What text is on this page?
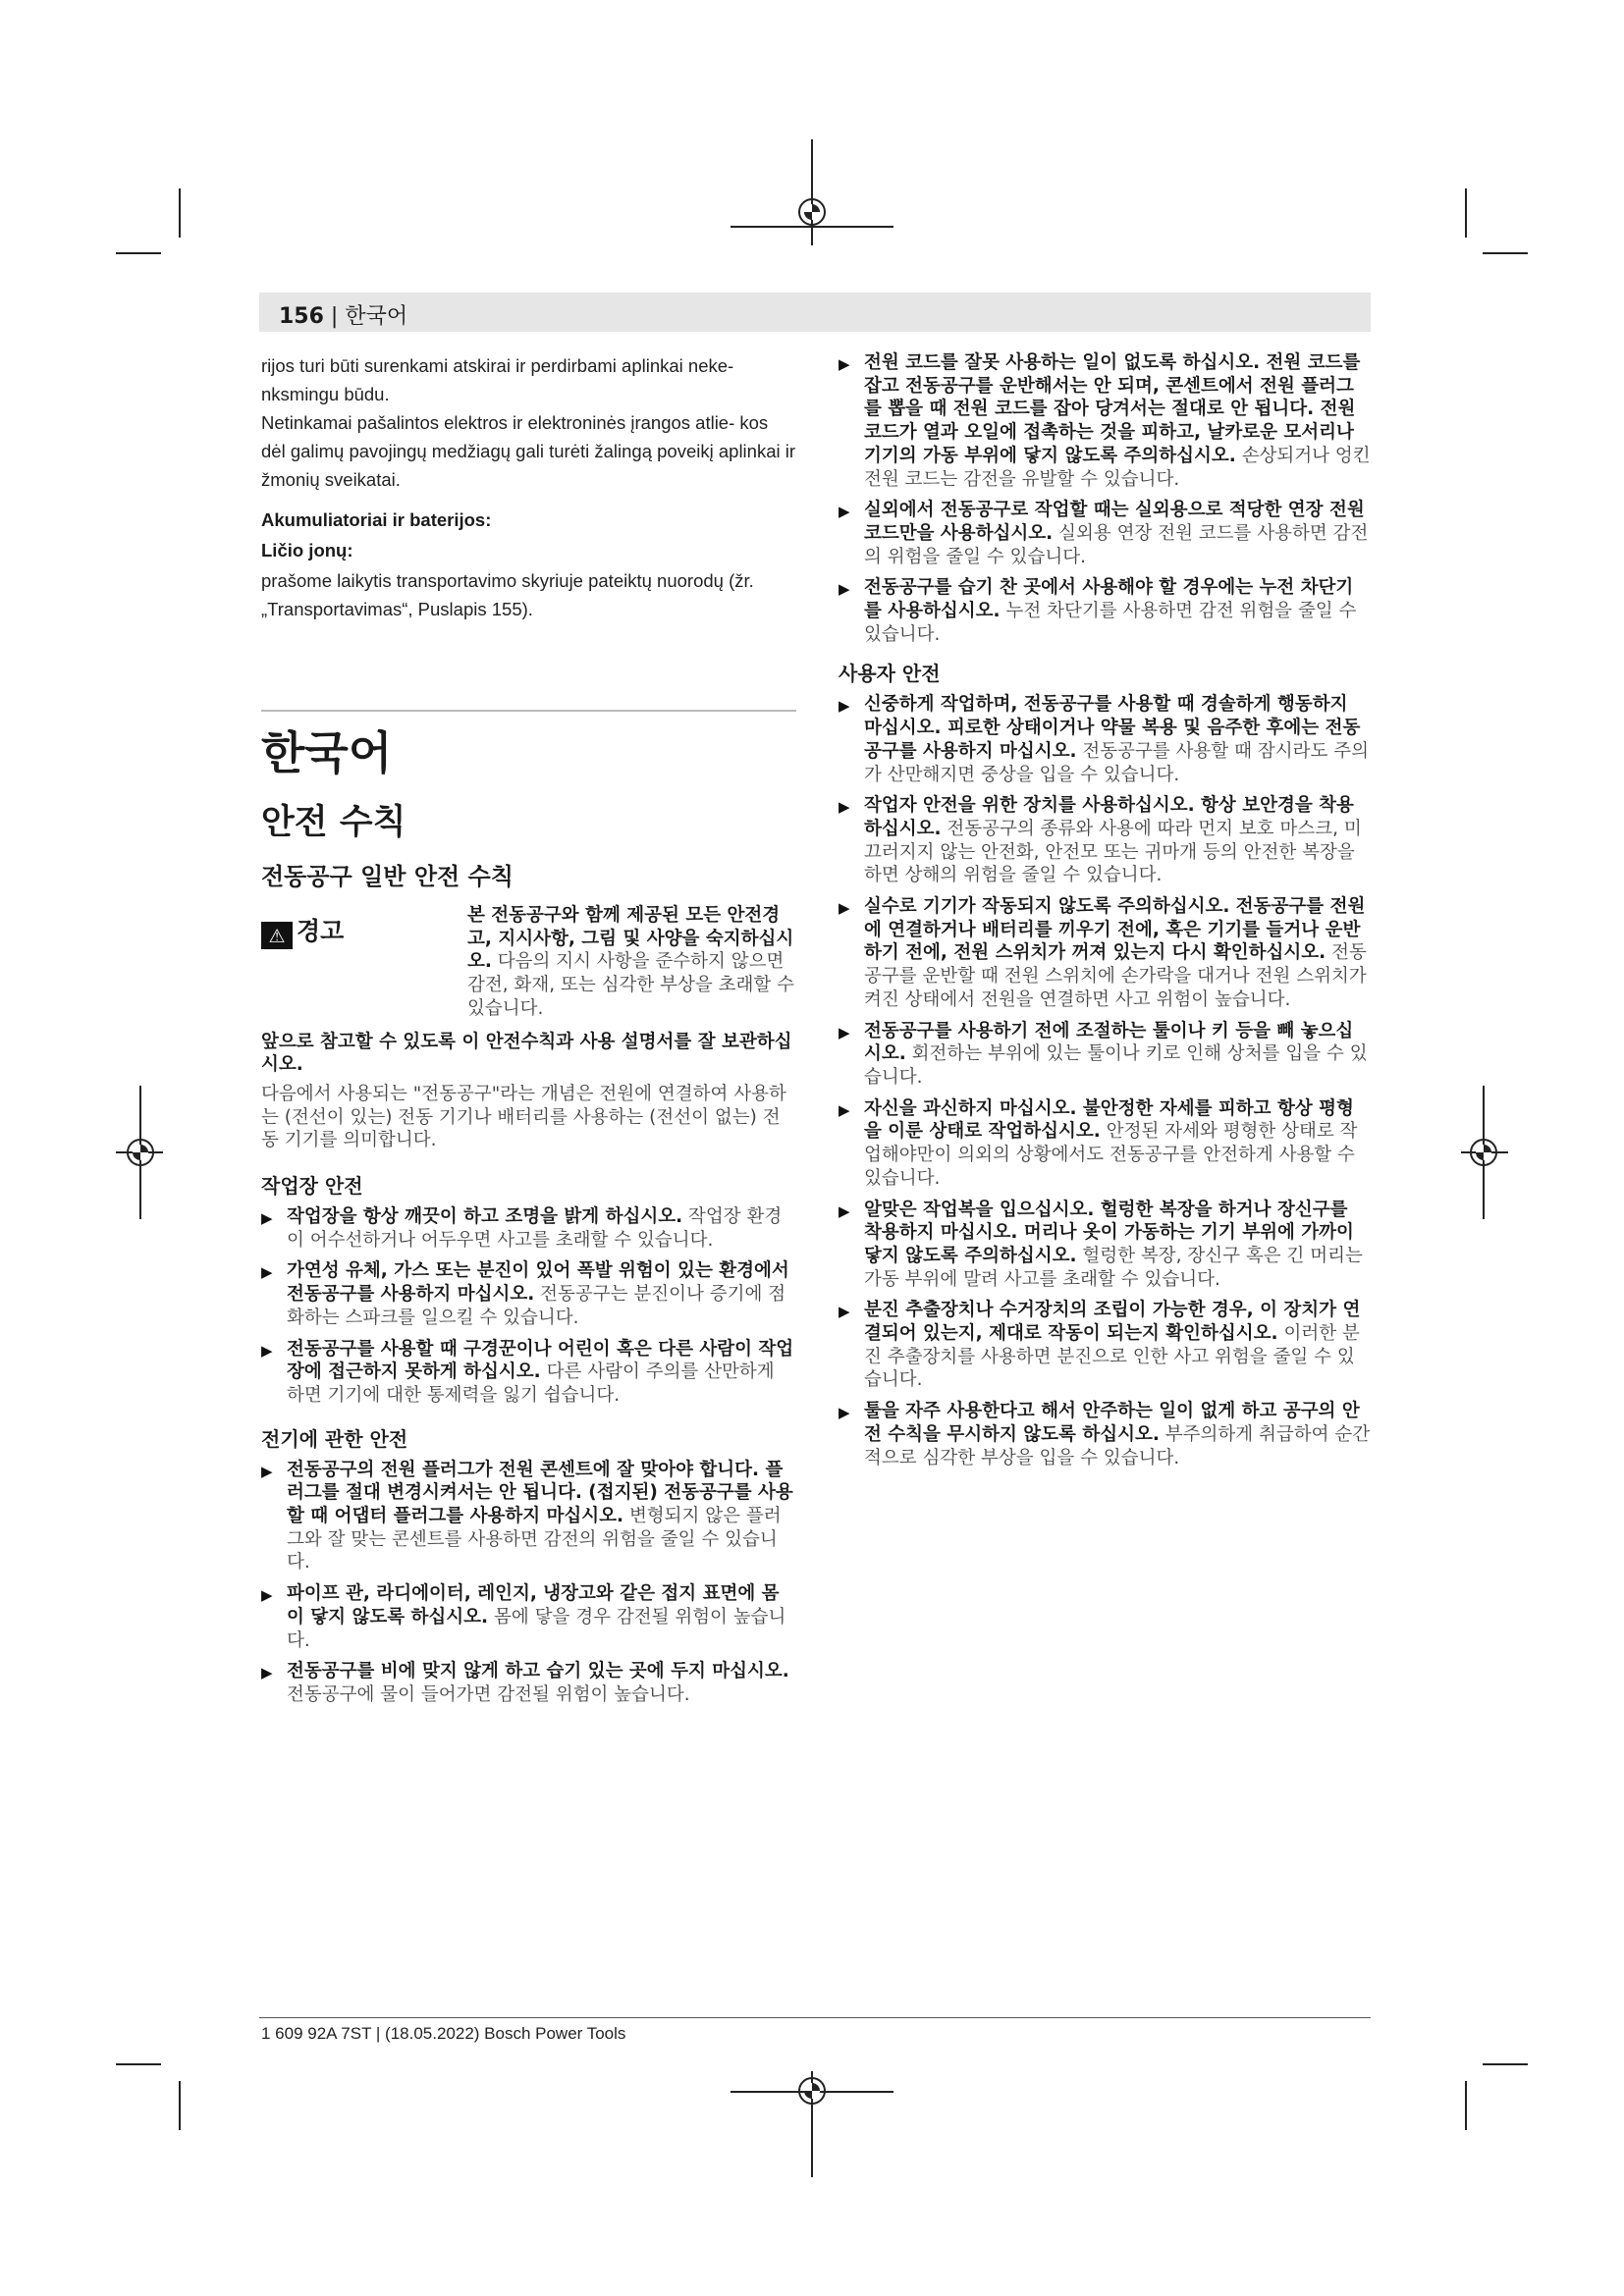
156 | 한국어

rijos turi būti surenkami atskirai ir perdirbami aplinkai neke- nksmingu būdu.

Netinkamai pašalintos elektros ir elektroninės įrangos atlie- kos dėl galimų pavojingų medžiagų gali turėti žalingą poveikį aplinkai ir žmonių sveikatai.

Akumuliatoriai ir baterijos:

Ličio jonų:

prašome laikytis transportavimo skyriuje pateiktų nuorodų (žr. „Transportavimas“, Puslapis 155).

한국어

안전 수칙

전동공구 일반 안전 수칙

⚠ 경고

본 전동공구와 함께 제공된 모든 안전경고, 지시사항, 그림 및 사양을 숙지하십시오. 다음의 지시 사항을 준수하지 않으면 감전, 화재, 또는 심각한 부상을 초래할 수 있습니다.

앞으로 참고할 수 있도록 이 안전수칙과 사용 설명서를 잘 보관하십시오.

다음에서 사용되는 "전동공구"라는 개념은 전원에 연결하여 사용하는 (전선이 있는) 전동 기기나 배터리를 사용하는 (전선이 없는) 전동 기기를 의미합니다.

작업장 안전

▶ 작업장을 항상 깨끗이 하고 조명을 밝게 하십시오. 작업장 환경이 어수선하거나 어두우면 사고를 초래할 수 있습니다.
▶ 가연성 유체, 가스 또는 분진이 있어 폭발 위험이 있는 환경에서 전동공구를 사용하지 마십시오. 전동공구는 분진이나 증기에 점화하는 스파크를 일으킬 수 있습니다.
▶ 전동공구를 사용할 때 구경꾼이나 어린이 혹은 다른 사람이 작업장에 접근하지 못하게 하십시오. 다른 사람이 주의를 산만하게 하면 기기에 대한 통제력을 잃기 쉽습니다.

전기에 관한 안전

▶ 전동공구의 전원 플러그가 전원 콘센트에 잘 맞아야 합니다. 플러그를 절대 변경시켜서는 안 됩니다. (접지된) 전동공구를 사용할 때 어댑터 플러그를 사용하지 마십시오. 변형되지 않은 플러그와 잘 맞는 콘센트를 사용하면 감전의 위험을 줄일 수 있습니다.
▶ 파이프 관, 라디에이터, 레인지, 냉장고와 같은 접지 표면에 몸이 닿지 않도록 하십시오. 몸에 닿을 경우 감전될 위험이 높습니다.
▶ 전동공구를 비에 맞지 않게 하고 습기 있는 곳에 두지 마십시오. 전동공구에 물이 들어가면 감전될 위험이 높습니다.
▶ 전원 코드를 잘못 사용하는 일이 없도록 하십시오. 전원 코드를 잡고 전동공구를 운반해서는 안 되며, 콘센트에서 전원 플러그를 뽑을 때 전원 코드를 잡아 당겨서는 절대로 안 됩니다. 전원 코드가 열과 오일에 접촉하는 것을 피하고, 날카로운 모서리나 기기의 가동 부위에 닿지 않도록 주의하십시오. 손상되거나 엉킨 전원 코드는 감전을 유발할 수 있습니다.
▶ 실외에서 전동공구로 작업할 때는 실외용으로 적당한 연장 전원 코드만을 사용하십시오. 실외용 연장 전원 코드를 사용하면 감전의 위험을 줄일 수 있습니다.
▶ 전동공구를 습기 찬 곳에서 사용해야 할 경우에는 누전 차단기를 사용하십시오. 누전 차단기를 사용하면 감전 위험을 줄일 수 있습니다.

사용자 안전

▶ 신중하게 작업하며, 전동공구를 사용할 때 경솔하게 행동하지 마십시오. 피로한 상태이거나 약물 복용 및 음주한 후에는 전동공구를 사용하지 마십시오. 전동공구를 사용할 때 잠시라도 주의가 산만해지면 중상을 입을 수 있습니다.
▶ 작업자 안전을 위한 장치를 사용하십시오. 항상 보안경을 착용하십시오. 전동공구의 종류와 사용에 따라 먼지 보호 마스크, 미끄러지지 않는 안전화, 안전모 또는 귀마개 등의 안전한 복장을 하면 상해의 위험을 줄일 수 있습니다.
▶ 실수로 기기가 작동되지 않도록 주의하십시오. 전동공구를 전원에 연결하거나 배터리를 끼우기 전에, 혹은 기기를 들거나 운반하기 전에, 전원 스위치가 꺼져 있는지 다시 확인하십시오. 전동공구를 운반할 때 전원 스위치에 손가락을 대거나 전원 스위치가 켜진 상태에서 전원을 연결하면 사고 위험이 높습니다.
▶ 전동공구를 사용하기 전에 조절하는 툴이나 키 등을 빼 놓으십시오. 회전하는 부위에 있는 툴이나 키로 인해 상처를 입을 수 있습니다.
▶ 자신을 과신하지 마십시오. 불안정한 자세를 피하고 항상 평형을 이룬 상태로 작업하십시오. 안정된 자세와 평형한 상태로 작업해야만이 의외의 상황에서도 전동공구를 안전하게 사용할 수 있습니다.
▶ 알맞은 작업복을 입으십시오. 헐렁한 복장을 하거나 장신구를 착용하지 마십시오. 머리나 옷이 가동하는 기기 부위에 가까이 닿지 않도록 주의하십시오. 헐렁한 복장, 장신구 혹은 긴 머리는 가동 부위에 말려 사고를 초래할 수 있습니다.
▶ 분진 추출장치나 수거장치의 조립이 가능한 경우, 이 장치가 연결되어 있는지, 제대로 작동이 되는지 확인하십시오. 이러한 분진 추출장치를 사용하면 분진으로 인한 사고 위험을 줄일 수 있습니다.
▶ 툴을 자주 사용한다고 해서 안주하는 일이 없게 하고 공구의 안전 수칙을 무시하지 않도록 하십시오. 부주의하게 취급하여 순간적으로 심각한 부상을 입을 수 있습니다.
1 609 92A 7ST | (18.05.2022) Bosch Power Tools
